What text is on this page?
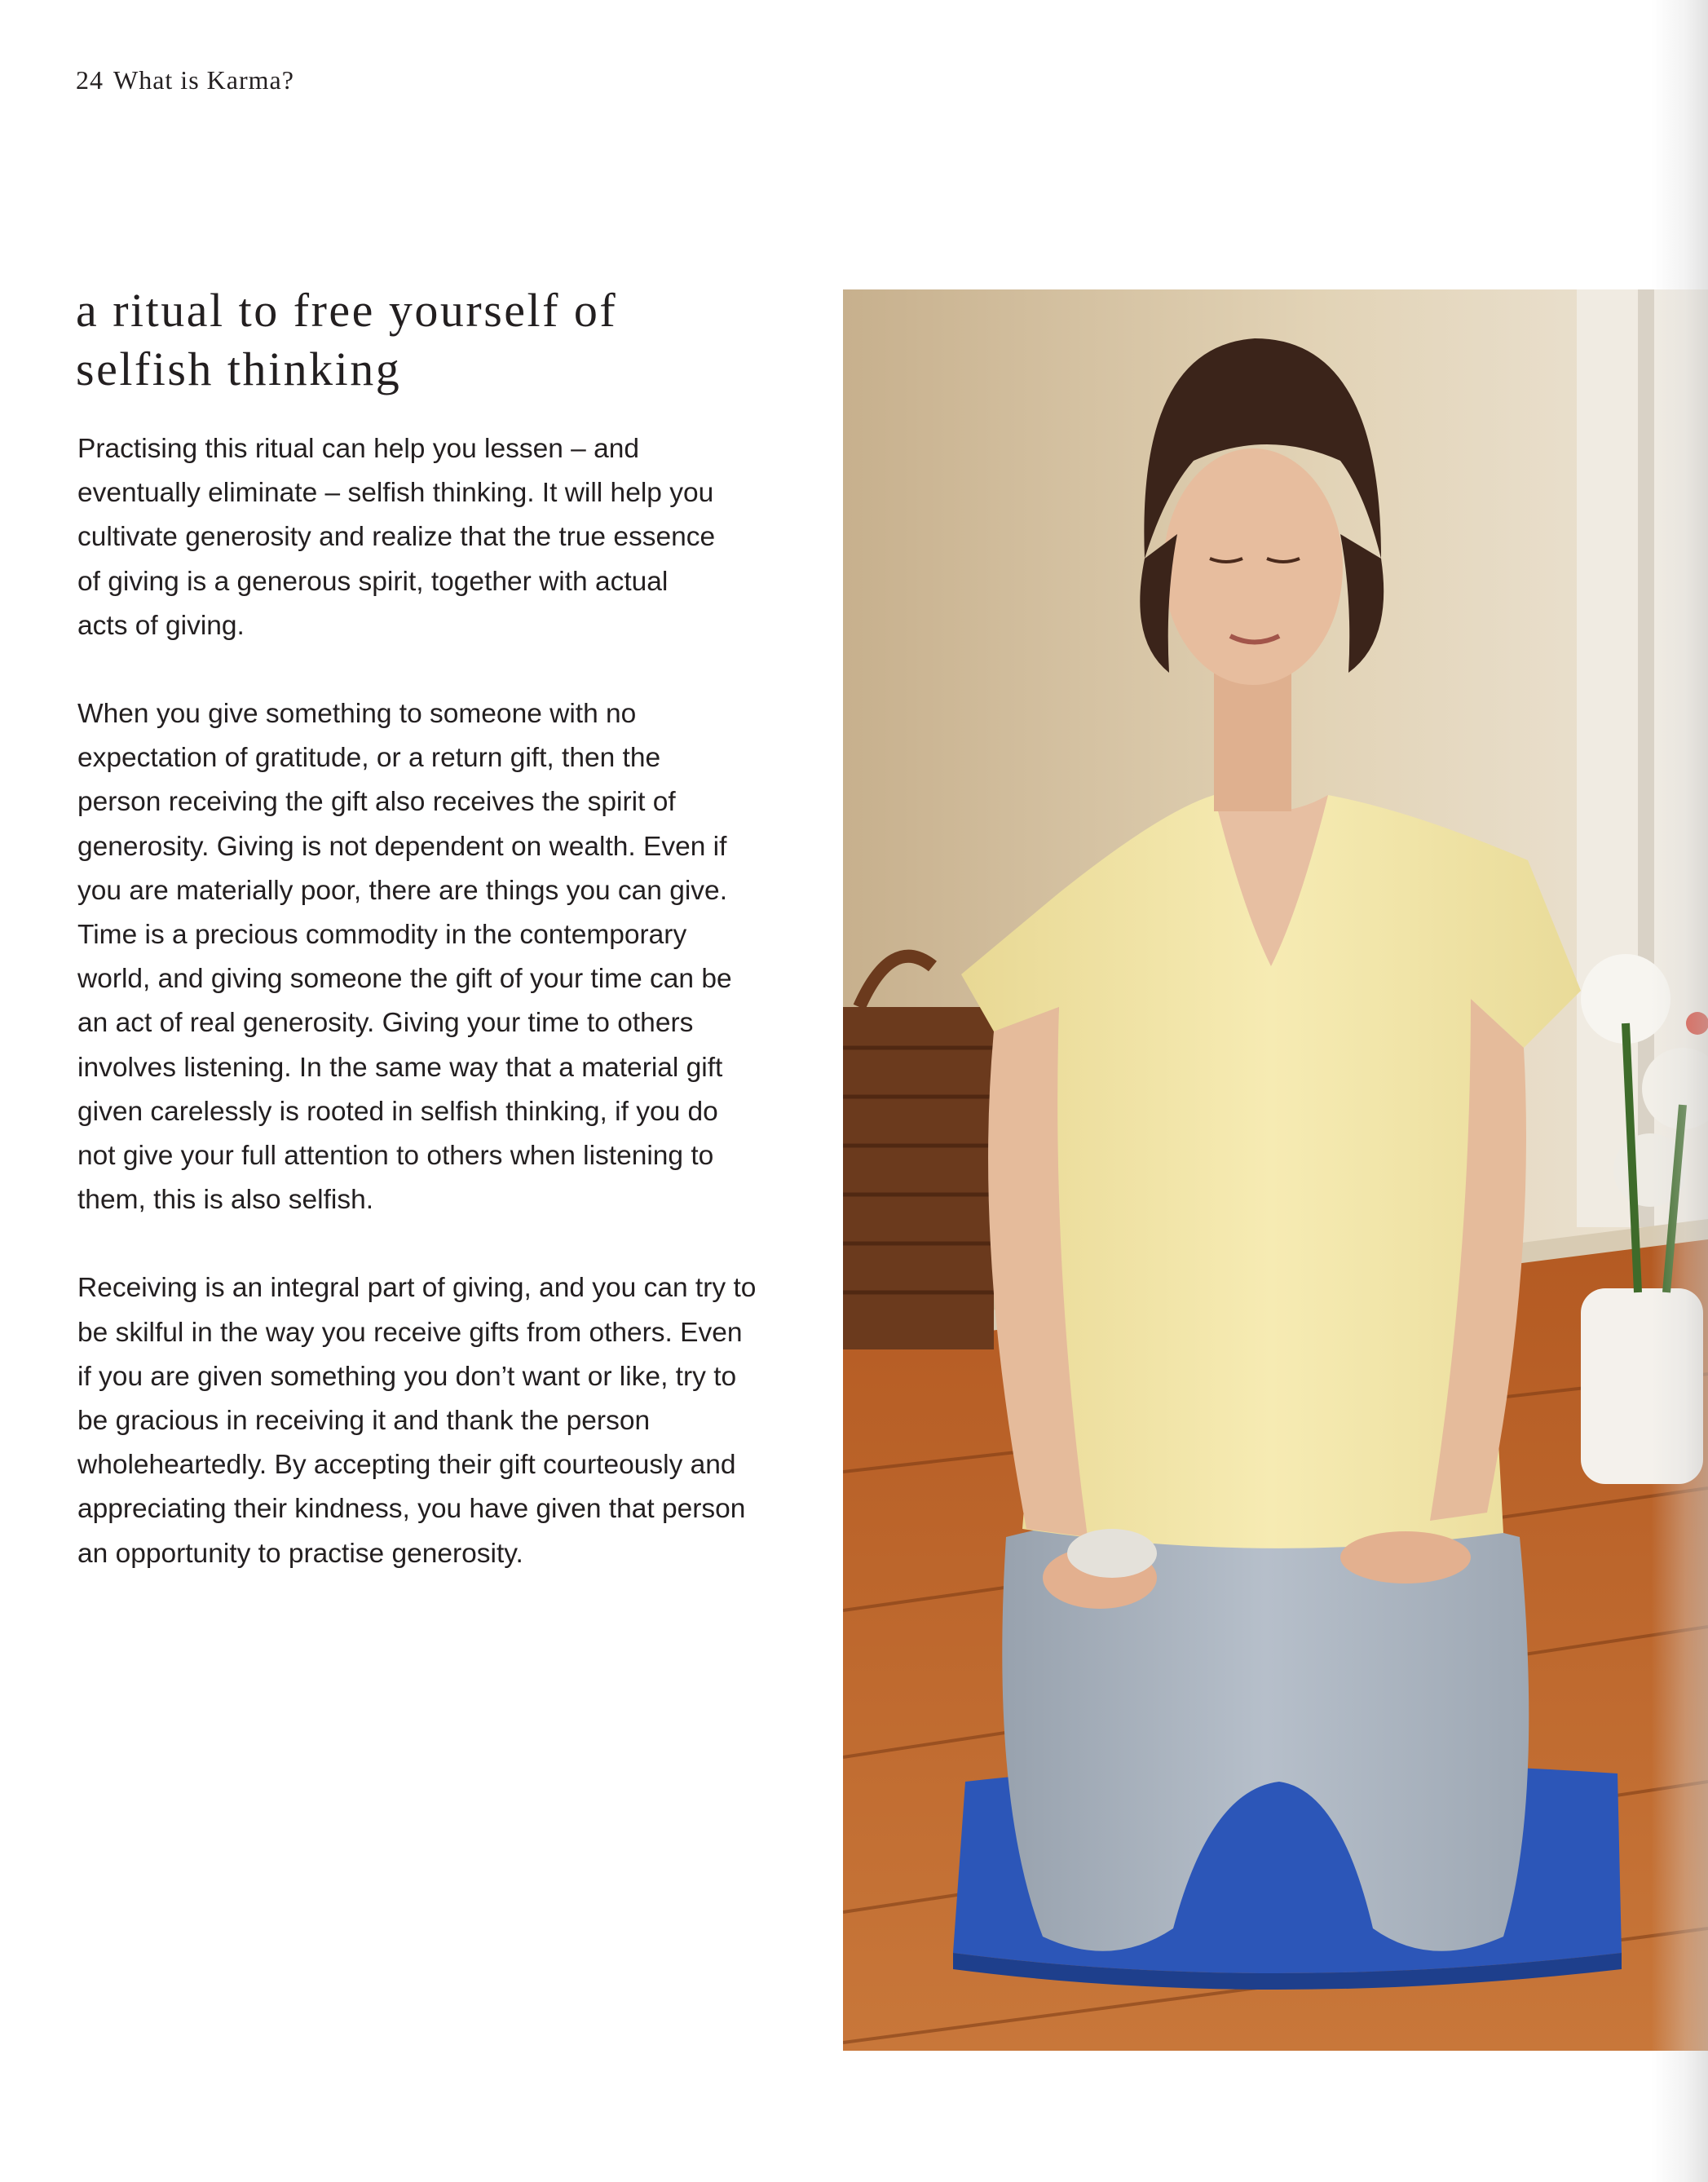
24 What is Karma?
a ritual to free yourself of
selfish thinking

Practising this ritual can help you lessen – and
eventually eliminate – selfish thinking. It will help you
cultivate generosity and realize that the true essence
of giving is a generous spirit, together with actual
acts of giving.

When you give something to someone with no
expectation of gratitude, or a return gift, then the
person receiving the gift also receives the spirit of
generosity. Giving is not dependent on wealth. Even if
you are materially poor, there are things you can give.
Time is a precious commodity in the contemporary
world, and giving someone the gift of your time can be
an act of real generosity. Giving your time to others
involves listening. In the same way that a material gift
given carelessly is rooted in selfish thinking, if you do
not give your full attention to others when listening to
them, this is also selfish.

Receiving is an integral part of giving, and you can try to
be skilful in the way you receive gifts from others. Even
if you are given something you don’t want or like, try to
be gracious in receiving it and thank the person
wholeheartedly. By accepting their gift courteously and
appreciating their kindness, you have given that person
an opportunity to practise generosity.
